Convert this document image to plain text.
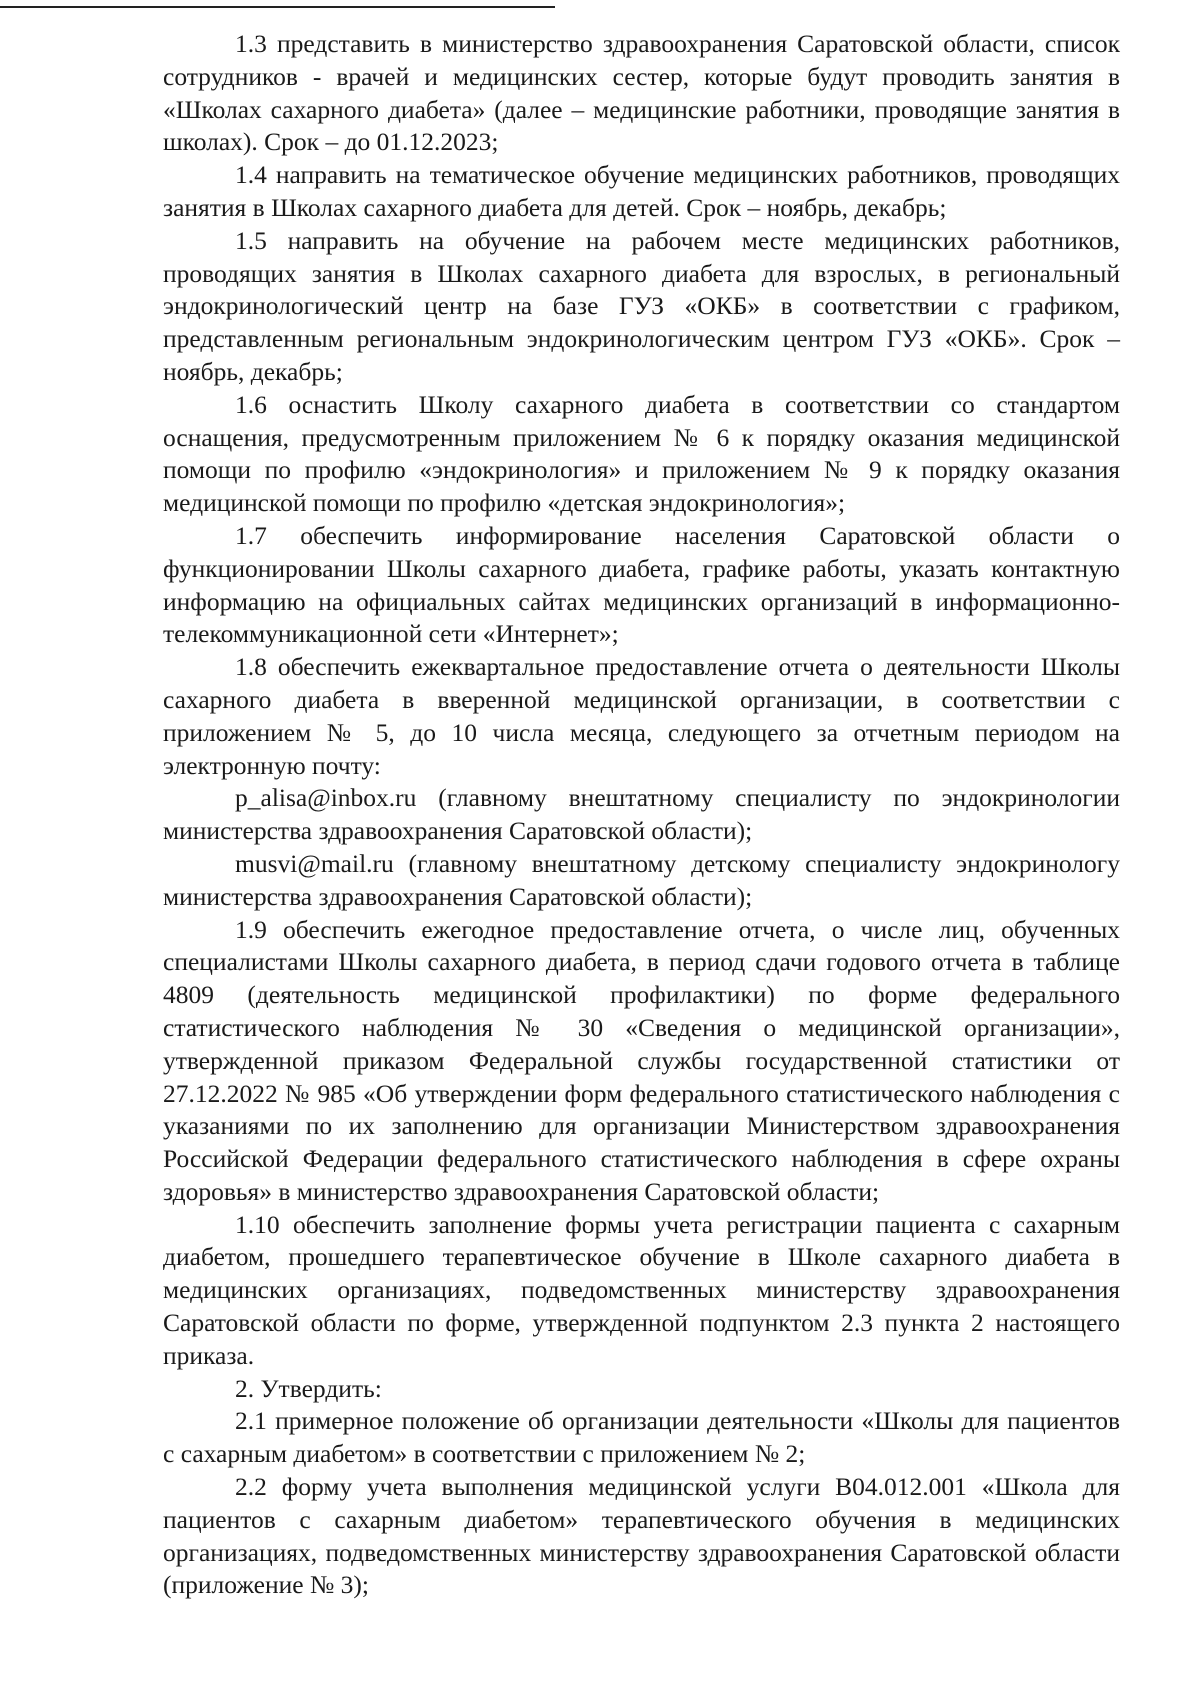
1.3 представить в министерство здравоохранения Саратовской области, список сотрудников - врачей и медицинских сестер, которые будут проводить занятия в «Школах сахарного диабета» (далее – медицинские работники, проводящие занятия в школах). Срок – до 01.12.2023;

1.4 направить на тематическое обучение медицинских работников, проводящих занятия в Школах сахарного диабета для детей. Срок – ноябрь, декабрь;

1.5 направить на обучение на рабочем месте медицинских работников, проводящих занятия в Школах сахарного диабета для взрослых, в региональный эндокринологический центр на базе ГУЗ «ОКБ» в соответствии с графиком, представленным региональным эндокринологическим центром ГУЗ «ОКБ». Срок – ноябрь, декабрь;

1.6 оснастить Школу сахарного диабета в соответствии со стандартом оснащения, предусмотренным приложением № 6 к порядку оказания медицинской помощи по профилю «эндокринология» и приложением № 9 к порядку оказания медицинской помощи по профилю «детская эндокринология»;

1.7 обеспечить информирование населения Саратовской области о функционировании Школы сахарного диабета, графике работы, указать контактную информацию на официальных сайтах медицинских организаций в информационно-телекоммуникационной сети «Интернет»;

1.8 обеспечить ежеквартальное предоставление отчета о деятельности Школы сахарного диабета в вверенной медицинской организации, в соответствии с приложением № 5, до 10 числа месяца, следующего за отчетным периодом на электронную почту:

p_alisa@inbox.ru (главному внештатному специалисту по эндокринологии министерства здравоохранения Саратовской области);

musvi@mail.ru (главному внештатному детскому специалисту эндокринологу министерства здравоохранения Саратовской области);

1.9 обеспечить ежегодное предоставление отчета, о числе лиц, обученных специалистами Школы сахарного диабета, в период сдачи годового отчета в таблице 4809 (деятельность медицинской профилактики) по форме федерального статистического наблюдения № 30 «Сведения о медицинской организации», утвержденной приказом Федеральной службы государственной статистики от 27.12.2022 № 985 «Об утверждении форм федерального статистического наблюдения с указаниями по их заполнению для организации Министерством здравоохранения Российской Федерации федерального статистического наблюдения в сфере охраны здоровья» в министерство здравоохранения Саратовской области;

1.10 обеспечить заполнение формы учета регистрации пациента с сахарным диабетом, прошедшего терапевтическое обучение в Школе сахарного диабета в медицинских организациях, подведомственных министерству здравоохранения Саратовской области по форме, утвержденной подпунктом 2.3 пункта 2 настоящего приказа.

2. Утвердить:

2.1 примерное положение об организации деятельности «Школы для пациентов с сахарным диабетом» в соответствии с приложением № 2;

2.2 форму учета выполнения медицинской услуги В04.012.001 «Школа для пациентов с сахарным диабетом» терапевтического обучения в медицинских организациях, подведомственных министерству здравоохранения Саратовской области (приложение № 3);
